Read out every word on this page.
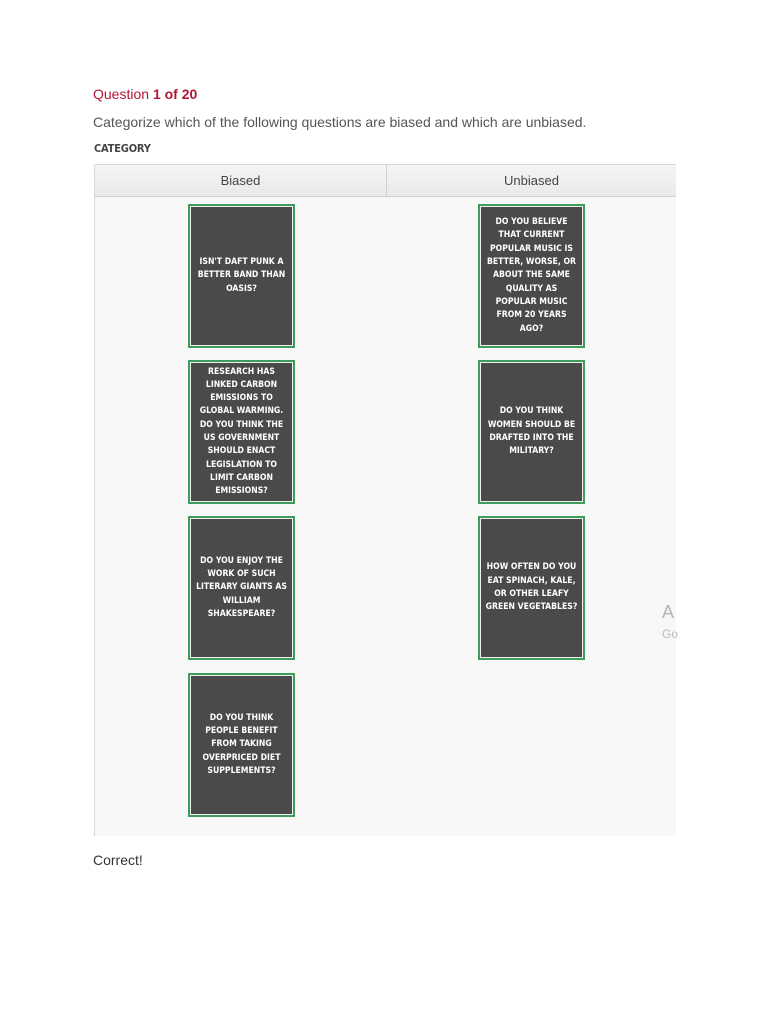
Question 1 of 20
Categorize which of the following questions are biased and which are unbiased.
CATEGORY
Biased	Unbiased
ISN'T DAFT PUNK A BETTER BAND THAN OASIS?
RESEARCH HAS LINKED CARBON EMISSIONS TO GLOBAL WARMING. DO YOU THINK THE US GOVERNMENT SHOULD ENACT LEGISLATION TO LIMIT CARBON EMISSIONS?
DO YOU ENJOY THE WORK OF SUCH LITERARY GIANTS AS WILLIAM SHAKESPEARE?
DO YOU THINK PEOPLE BENEFIT FROM TAKING OVERPRICED DIET SUPPLEMENTS?
DO YOU BELIEVE THAT CURRENT POPULAR MUSIC IS BETTER, WORSE, OR ABOUT THE SAME QUALITY AS POPULAR MUSIC FROM 20 YEARS AGO?
DO YOU THINK WOMEN SHOULD BE DRAFTED INTO THE MILITARY?
HOW OFTEN DO YOU EAT SPINACH, KALE, OR OTHER LEAFY GREEN VEGETABLES?	A
Go
Correct!
